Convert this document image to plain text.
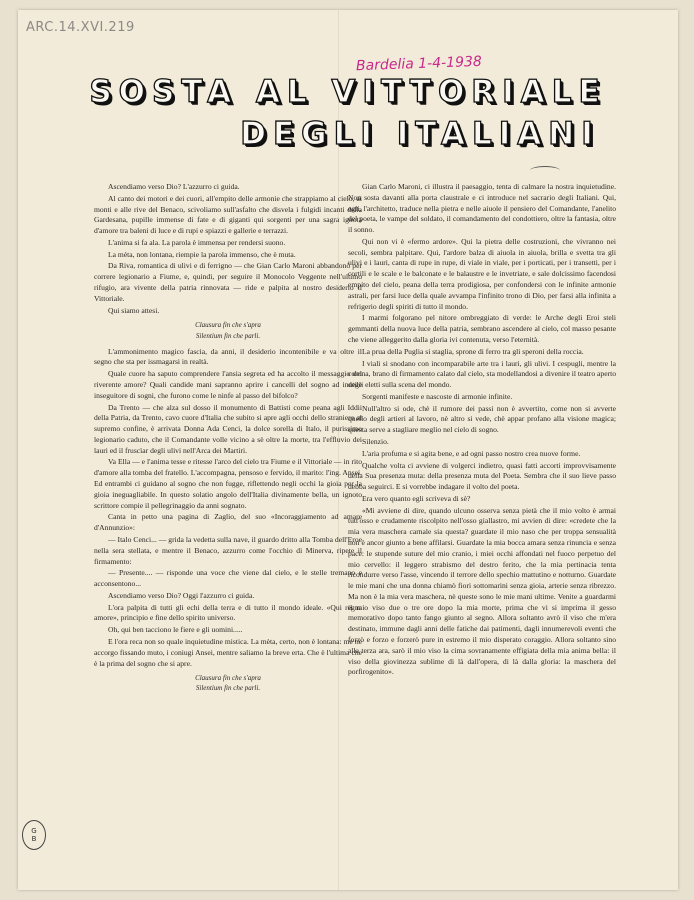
ARC.14.XVI.219
Bardelia 1-4-1938
SOSTA AL VITTORIALE
DEGLI ITALIANI

Ascendiamo verso Dio? L'azzurro ci guida.

Al canto dei motori e dei cuori, all'empito delle armonie che strappiamo al cielo, ai monti e alle rive del Benaco, scivoliamo sull'asfalto che disvela i fulgidi incanti della Gardesana, pupille immense di fate e di giganti qui sorgenti per una sagra ignota d'amore tra baleni di luce e di rupi e spiazzi e gallerie e terrazzi.

L'anima si fa ala. La parola è immensa per rendersi suono.

La mèta, non lontana, riempie la parola immenso, che è muta.

Da Riva, romantica di ulivi e di ferrigno — che Gian Carlo Maroni abbandonò per correre legionario a Fiume, e, quindi, per seguire il Monocolo Veggente nell'ultimo rifugio, ara vivente della patria rinnovata — ride e palpita al nostro desiderio il Vittoriale.

Qui siamo attesi.

Clausura fin che s'apra
Silentium fin che parli.

L'ammonimento magico fascia, da anni, il desiderio incontenibile e va oltre il segno che sta per issmagarsi in realtà.

Quale cuore ha saputo comprendere l'ansia segreta ed ha accolto il messaggio del riverente amore? Quali candide mani sapranno aprire i cancelli del sogno ad inutile inseguitore di sogni, che furono come le ninfe al passo del bifolco?

Da Trento — che alza sul dosso il monumento di Battisti come peana agli Iddii della Patria, da Trento, cavo cuore d'Italia che subito si apre agli occhi dello straniero al supremo confine, è arrivata Donna Ada Cenci, la dolce sorella di Italo, il purissimo legionario caduto, che il Comandante volle vicino a sè oltre la morte, tra l'effluvio dei lauri ed il fruscìar degli ulivi nell'Arca dei Martiri.

Va Ella — e l'anima tesse e ritesse l'arco del cielo tra Fiume e il Vittoriale — in rito d'amore alla tomba del fratello. L'accompagna, pensoso e fervido, il marito: l'ing. Ansei. Ed entrambi ci guidano al sogno che non fugge, riflettendo negli occhi la gioia per la gioia ineguagliabile. In questo solatio angolo dell'Italia divinamente bella, un ignoto scrittore compie il pellegrinaggio da anni sognato.

Canta in petto una pagina di Zaglio, del suo «Incoraggiamento ad amare d'Annunzio»:

— Italo Cenci... — grida la vedetta sulla nave, il guardo dritto alla Tomba dell'Eroe nella sera stellata, e mentre il Benaco, azzurro come l'occhio di Minerva, ripete il firmamento:

— Presente.... — risponde una voce che viene dal cielo, e le stelle tremano e acconsentono...

Ascendiamo verso Dio? Oggi l'azzurro ci guida.

L'ora palpita di tutti gli echi della terra e di tutto il mondo ideale. «Qui regna amore», principio e fine dello spirito universo.

Oh, qui ben tacciono le fiere e gli uomini.....

E l'ora reca non so quale inquietudine mistica. La mèta, certo, non è lontana: me ne accorgo fissando muto, i coniugi Ansei, mentre saliamo la breve erta. Che è l'ultima che è la prima del sogno che si apre.

Clausura fin che s'apra
Silentium fin che parli.

Gian Carlo Maroni, ci illustra il paesaggio, tenta di calmare la nostra inquietudine. Non sosta davanti alla porta claustrale e ci introduce nel sacrario degli Italiani. Qui, egli, l'architetto, traduce nella pietra e nelle aiuole il pensiero del Comandante, l'anelito del poeta, le vampe del soldato, il comandamento del condottiero, oltre la fantasia, oltre il sonno.

Qui non vi è «fermo ardore». Qui la pietra delle costruzioni, che vivranno nei secoli, sembra palpitare. Qui, l'ardore balza di aiuola in aiuola, brilla e svetta tra gli ulivi e i lauri, canta di rupe in rupe, di viale in viale, per i porticati, per i transetti, per i cortili e le scale e le balconate e le balaustre e le invetriate, e sale dolcissimo facendosi empito del cielo, peana della terra prodigiosa, per confondersi con le infinite armonie astrali, per farsi luce della quale avvampa l'infinito trono di Dio, per farsi alla infinita a refrigerio degli spiriti di tutto il mondo.

I marmi folgorano pel nitore ombreggiato di verde: le Arche degli Eroi steli gemmanti della nuova luce della patria, sembrano ascendere al cielo, col masso pesante che viene alleggerito dalla gloria ivi contenuta, verso l'eternità.

La prua della Puglia si staglia, sprone di ferro tra gli speroni della roccia.

I viali si snodano con incomparabile arte tra i lauri, gli ulivi. I cespugli, mentre la corona, brano di firmamento calato dal cielo, sta modellandosi a divenire il teatro aperto degli eletti sulla scena del mondo.

Sorgenti manifeste e nascoste di armonie infinite.

Null'altro si ode, chè il rumore dei passi non è avvertito, come non si avverte quello degli artieri al lavoro, nè altro si vede, chè appar profano alla visione magica; questa serve a stagliare meglio nel cielo di sogno.

Silenzio.

L'aria profuma e si agita bene, e ad ogni passo nostro crea nuove forme.

Qualche volta ci avviene di volgerci indietro, quasi fatti accorti improvvisamente della Sua presenza muta: della presenza muta del Poeta. Sembra che il suo lieve passo debba seguirci. E si vorrebbe indagare il volto del poeta.

Era vero quanto egli scriveva di sè?

«Mi avviene di dire, quando ulcuno osserva senza pietà che il mio volto è armai tutt'osso e crudamente riscolpito nell'osso giallastro, mi avvien di dire: «credete che la mia vera maschera carnale sia questa? guardate il mio naso che per troppa sensualità non è ancor giunto a bene affilarsi. Guardate la mia bocca amara senza rinuncia e senza pace: le stupende suture del mio cranio, i miei occhi affondati nel fuoco perpetuo del mio cervello: il leggero strabismo del destro ferito, che la mia pertinacia tenta ricondurre verso l'asse, vincendo il terrore dello spechio mattutino e notturno. Guardate le mie mani che una donna chiamò fiori sottomarini senza gioia, arterie senza ribrezzo. Ma non è la mia vera maschera, nè queste sono le mie mani ultime. Venite a guardarmi il mio viso due o tre ore dopo la mia morte, prima che vi si imprima il gesso memorativo dopo tanto fango giunto al segno. Allora soltanto avrò il viso che m'era destinato, immune dagli anni delle fatiche dai patimenti, dagli innumerevoli eventi che forzò e forzo e forzerò pure in estremo il mio disperato coraggio. Allora soltanto sino alla terza ara, sarò il mio viso la cima sovranamente effigiata della mia anima bella: il viso della giovinezza sublime di là dall'opera, di là dalla gloria: la maschera del porfirogenito».

G
B
